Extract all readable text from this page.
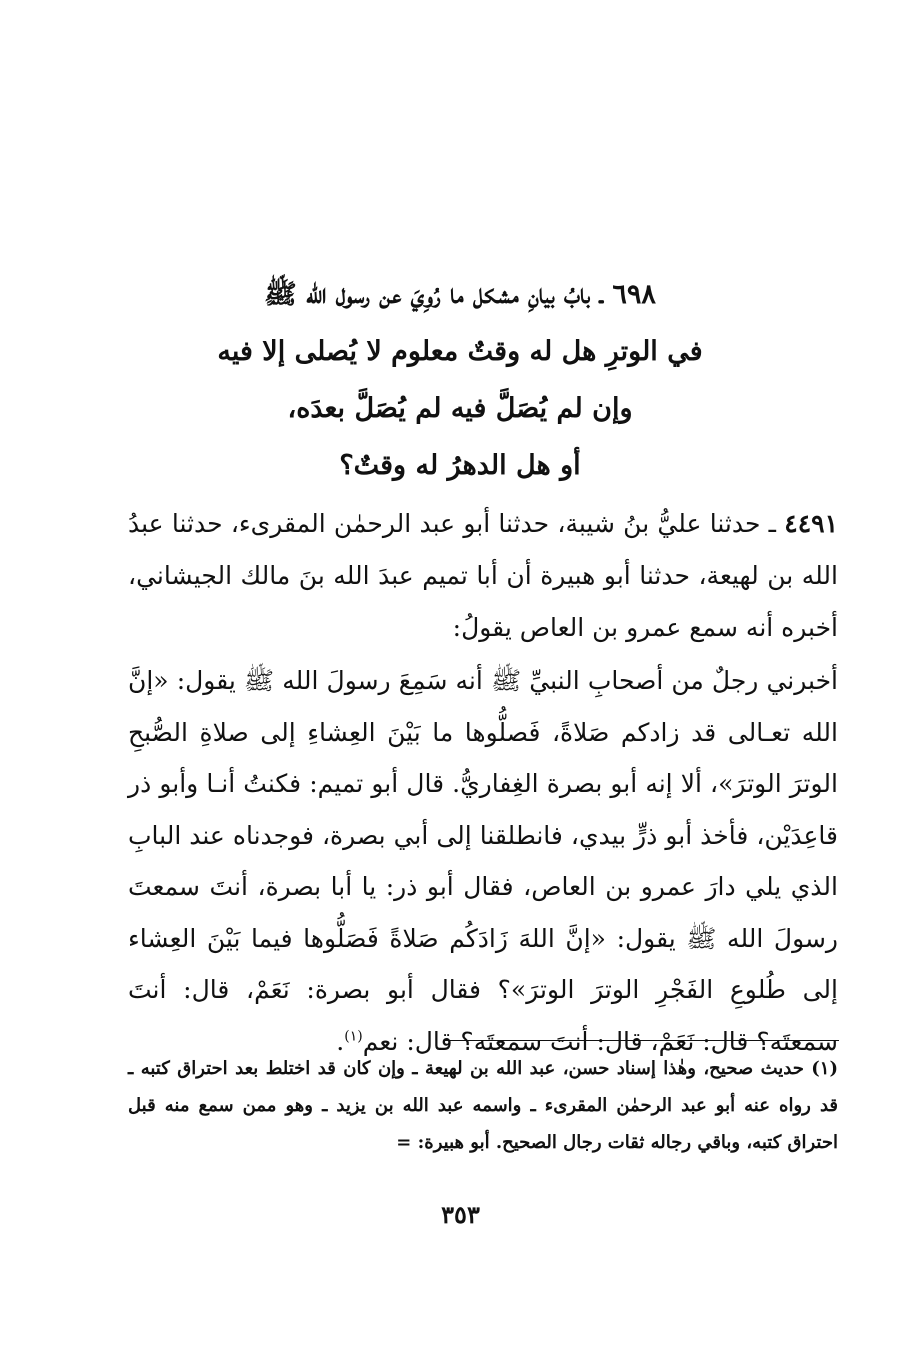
٦٩٨ ـ بابُ بيانِ مشكل ما رُوِيَ عن رسول الله ﷺ
في الوترِ هل له وقتٌ معلوم لا يُصلى إلا فيه
وإن لم يُصَلَّ فيه لم يُصَلَّ بعدَه،
أو هل الدهرُ له وقتٌ؟
٤٤٩١ ـ حدثنا عليُّ بنُ شيبة، حدثنا أبو عبد الرحمٰن المقرىء، حدثنا عبدُ الله بن لهيعة، حدثنا أبو هبيرة أن أبا تميم عبدَ الله بنَ مالك الجيشاني، أخبره أنه سمع عمرو بن العاص يقولُ:
أخبرني رجلٌ من أصحابِ النبيِّ ﷺ أنه سَمِعَ رسولَ الله ﷺ يقول: «إنَّ الله تعـالى قد زادكم صَلاةً، فَصلُّوها ما بَيْنَ العِشاءِ إلى صلاةِ الصُّبحِ الوترَ الوترَ»، ألا إنه أبو بصرة الغِفاريُّ. قال أبو تميم: فكنتُ أنـا وأبو ذر قاعِدَيْن، فأخذ أبو ذرٍّ بيدي، فانطلقنا إلى أبي بصرة، فوجدناه عند البابِ الذي يلي دارَ عمرو بن العاص، فقال أبو ذر: يا أبا بصرة، أنتَ سمعتَ رسولَ الله ﷺ يقول: «إنَّ اللهَ زَادَكُم صَلاةً فَصَلُّوها فيما بَيْنَ العِشاء إلى طُلوعِ الفَجْرِ الوترَ الوترَ»؟ فقال أبو بصرة: نَعَمْ، قال: أنتَ سمعتَه؟ قال: نَعَمْ، قال: أنتَ سمعتَه؟ قال: نعم$^{(١)}$.
(١) حديث صحيح، وهٰذا إسناد حسن، عبد الله بن لهيعة ـ وإن كان قد اختلط بعد احتراق كتبه ـ قد رواه عنه أبو عبد الرحمٰن المقرىء ـ واسمه عبد الله بن يزيد ـ وهو ممن سمع منه قبل احتراق كتبه، وباقي رجاله ثقات رجال الصحيح. أبو هبيرة: =
٣٥٣
